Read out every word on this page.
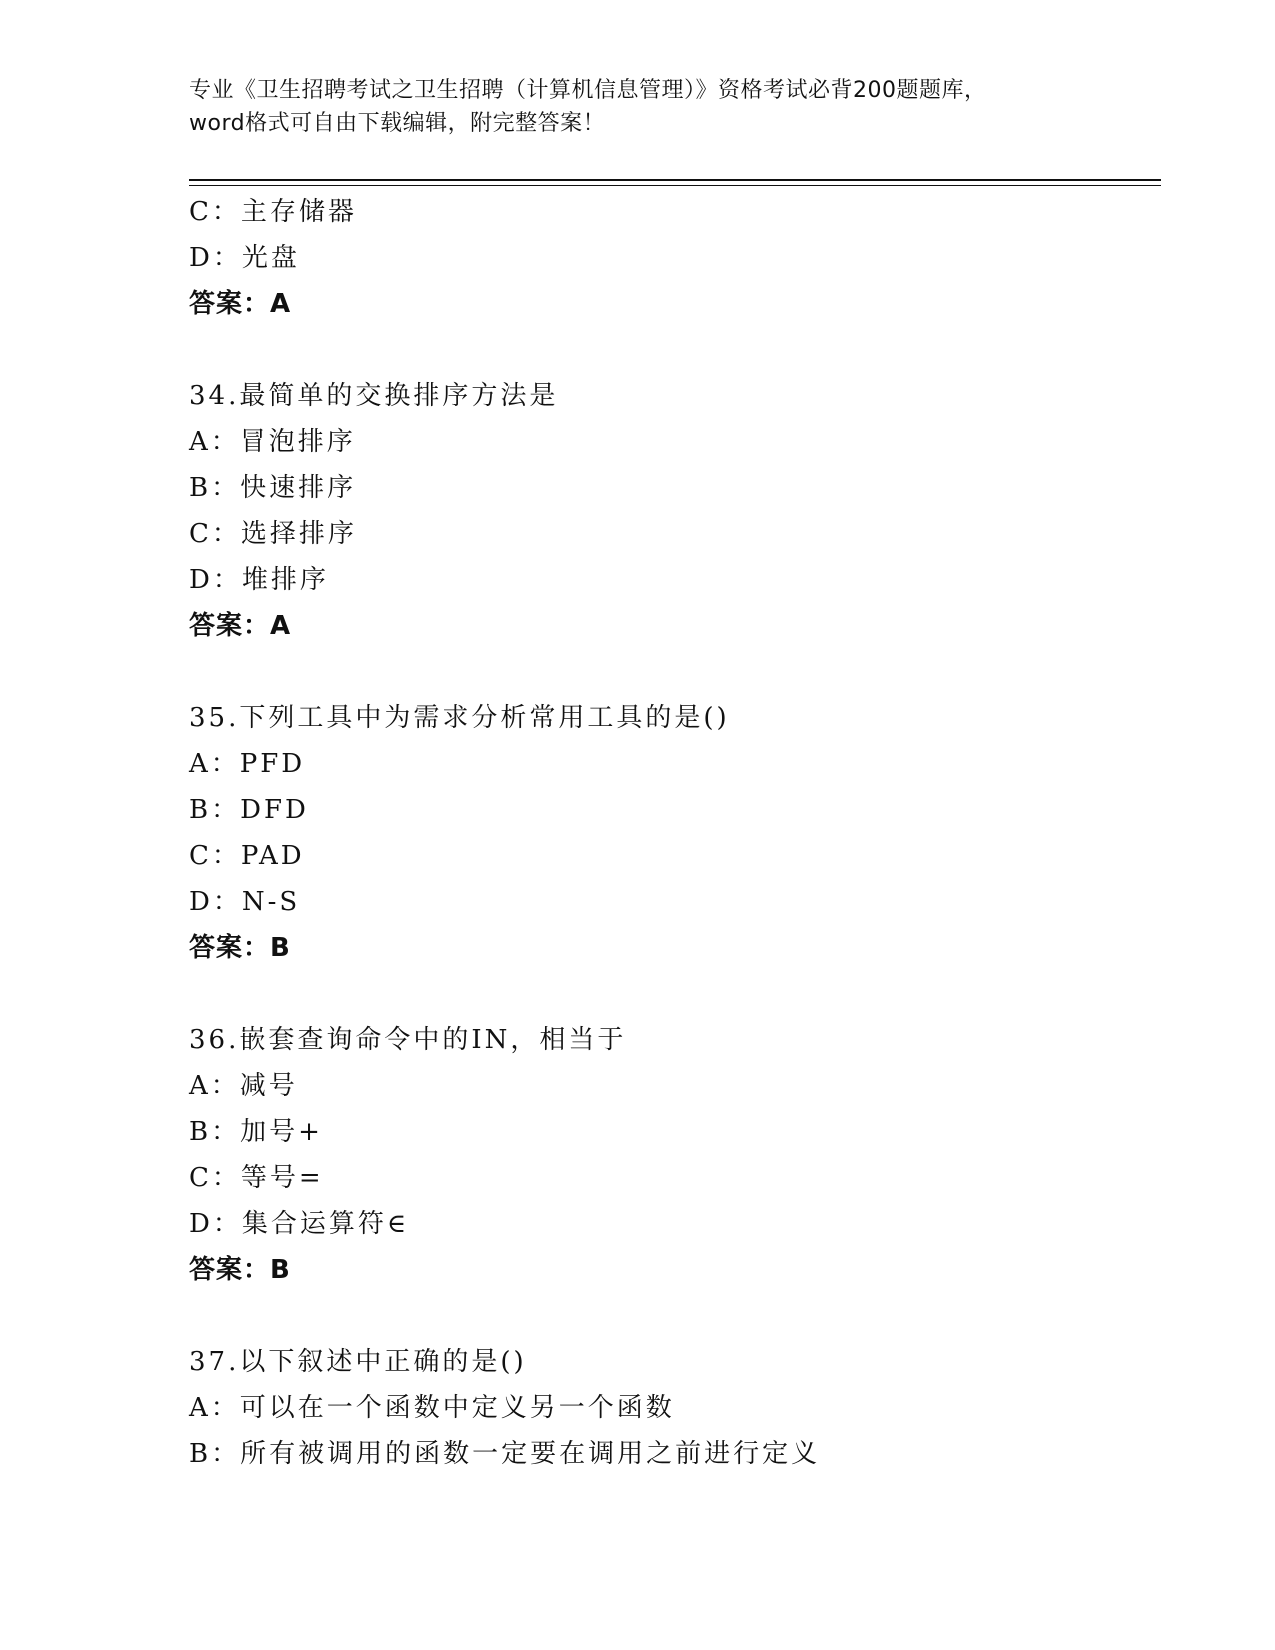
专业《卫生招聘考试之卫生招聘（计算机信息管理）》资格考试必背200题题库，
word格式可自由下载编辑，附完整答案！
C：主存储器
D：光盘
答案：A
34.最简单的交换排序方法是
A：冒泡排序
B：快速排序
C：选择排序
D：堆排序
答案：A
35.下列工具中为需求分析常用工具的是()
A：PFD
B：DFD
C：PAD
D：N-S
答案：B
36.嵌套查询命令中的IN，相当于
A：减号
B：加号+
C：等号=
D：集合运算符∈
答案：B
37.以下叙述中正确的是()
A：可以在一个函数中定义另一个函数
B：所有被调用的函数一定要在调用之前进行定义
